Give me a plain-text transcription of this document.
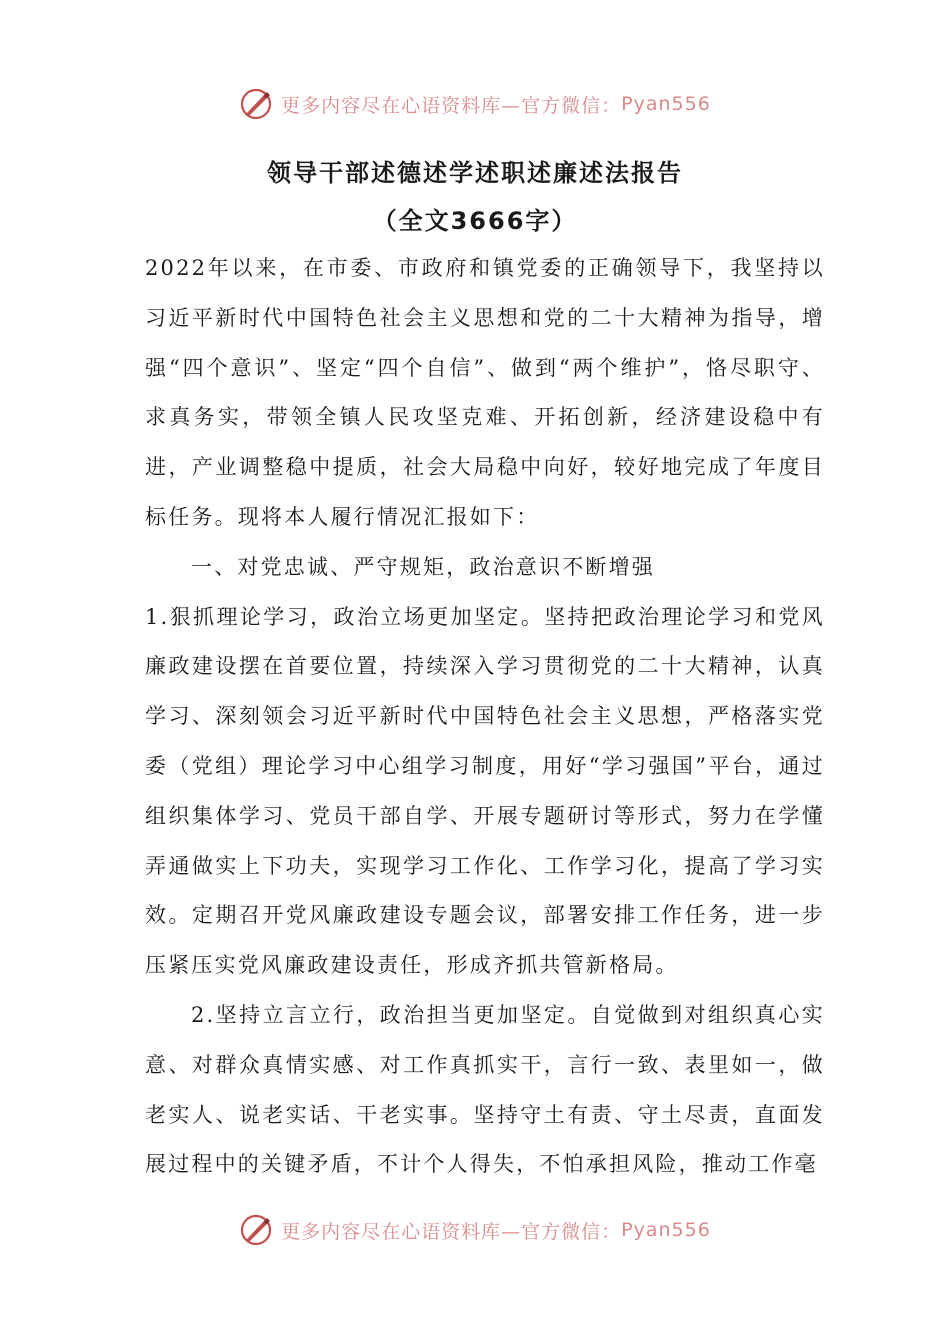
更多内容尽在心语资料库—官方微信： Pyan556
领导干部述德述学述职述廉述法报告
（全文3666字）

2022年以来，在市委、市政府和镇党委的正确领导下，我坚持以习近平新时代中国特色社会主义思想和党的二十大精神为指导，增强“四个意识”、坚定“四个自信”、做到“两个维护”，恪尽职守、求真务实，带领全镇人民攻坚克难、开拓创新，经济建设稳中有进，产业调整稳中提质，社会大局稳中向好，较好地完成了年度目标任务。现将本人履行情况汇报如下：

一、对党忠诚、严守规矩，政治意识不断增强

1.狠抓理论学习，政治立场更加坚定。坚持把政治理论学习和党风廉政建设摆在首要位置，持续深入学习贯彻党的二十大精神，认真学习、深刻领会习近平新时代中国特色社会主义思想，严格落实党委（党组）理论学习中心组学习制度，用好“学习强国”平台，通过组织集体学习、党员干部自学、开展专题研讨等形式，努力在学懂弄通做实上下功夫，实现学习工作化、工作学习化，提高了学习实效。定期召开党风廉政建设专题会议，部署安排工作任务，进一步压紧压实党风廉政建设责任，形成齐抓共管新格局。

2.坚持立言立行，政治担当更加坚定。自觉做到对组织真心实意、对群众真情实感、对工作真抓实干，言行一致、表里如一，做老实人、说老实话、干老实事。坚持守土有责、守土尽责，直面发展过程中的关键矛盾，不计个人得失，不怕承担风险，推动工作毫

更多内容尽在心语资料库—官方微信： Pyan556
